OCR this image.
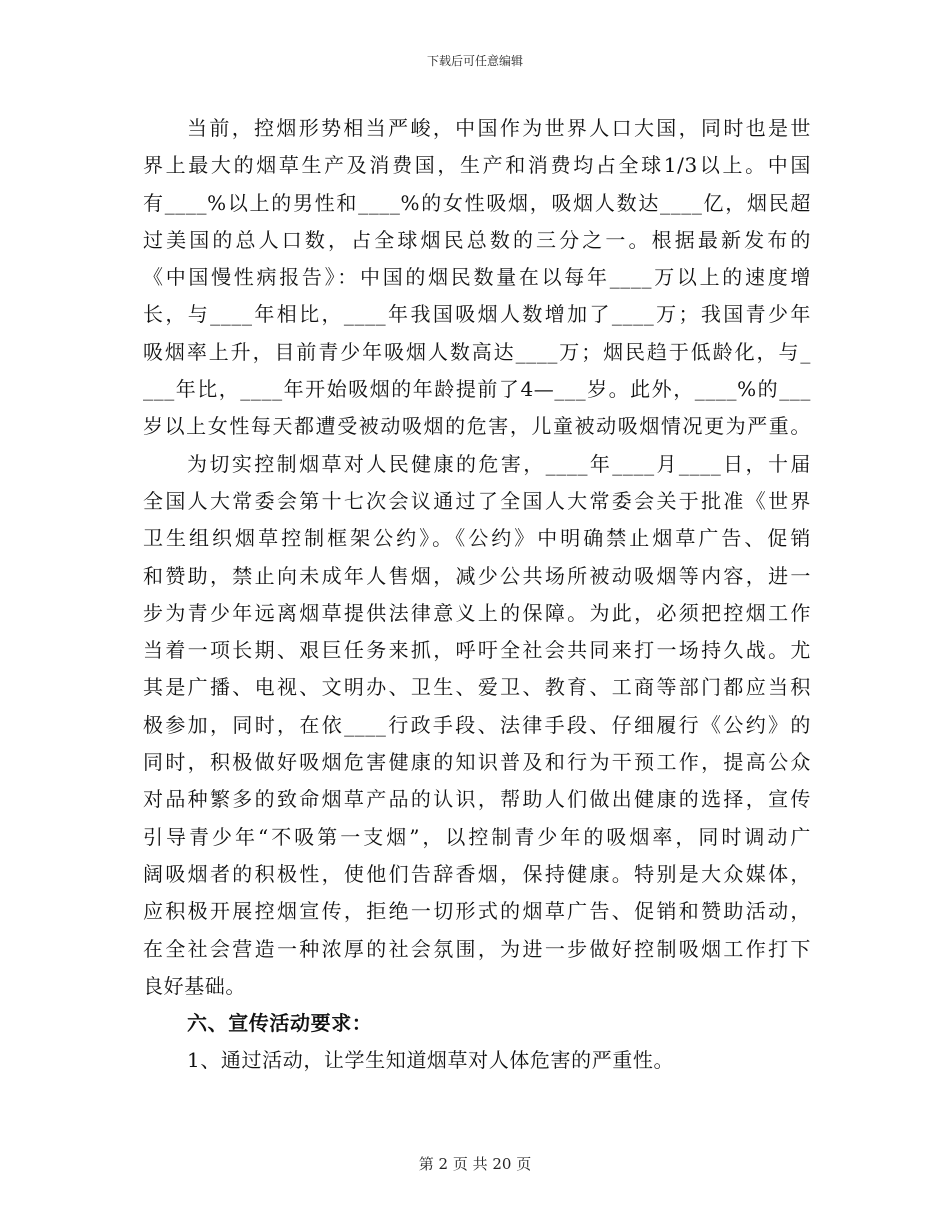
下载后可任意编辑
当前，控烟形势相当严峻，中国作为世界人口大国，同时也是世
界上最大的烟草生产及消费国，生产和消费均占全球1/3以上。中国
有____%以上的男性和____%的女性吸烟，吸烟人数达____亿，烟民超
过美国的总人口数，占全球烟民总数的三分之一。根据最新发布的
《中国慢性病报告》：中国的烟民数量在以每年____万以上的速度增
长，与____年相比，____年我国吸烟人数增加了____万；我国青少年
吸烟率上升，目前青少年吸烟人数高达____万；烟民趋于低龄化，与_
___年比，____年开始吸烟的年龄提前了4—___岁。此外，____%的___
岁以上女性每天都遭受被动吸烟的危害，儿童被动吸烟情况更为严重。
为切实控制烟草对人民健康的危害，____年____月____日，十届
全国人大常委会第十七次会议通过了全国人大常委会关于批准《世界
卫生组织烟草控制框架公约》。《公约》中明确禁止烟草广告、促销
和赞助，禁止向未成年人售烟，减少公共场所被动吸烟等内容，进一
步为青少年远离烟草提供法律意义上的保障。为此，必须把控烟工作
当着一项长期、艰巨任务来抓，呼吁全社会共同来打一场持久战。尤
其是广播、电视、文明办、卫生、爱卫、教育、工商等部门都应当积
极参加，同时，在依____行政手段、法律手段、仔细履行《公约》的
同时，积极做好吸烟危害健康的知识普及和行为干预工作，提高公众
对品种繁多的致命烟草产品的认识，帮助人们做出健康的选择，宣传
引导青少年“不吸第一支烟”，以控制青少年的吸烟率，同时调动广
阔吸烟者的积极性，使他们告辞香烟，保持健康。特别是大众媒体，
应积极开展控烟宣传，拒绝一切形式的烟草广告、促销和赞助活动，
在全社会营造一种浓厚的社会氛围，为进一步做好控制吸烟工作打下
良好基础。
六、宣传活动要求：
1、通过活动，让学生知道烟草对人体危害的严重性。
第 2 页 共 20 页
